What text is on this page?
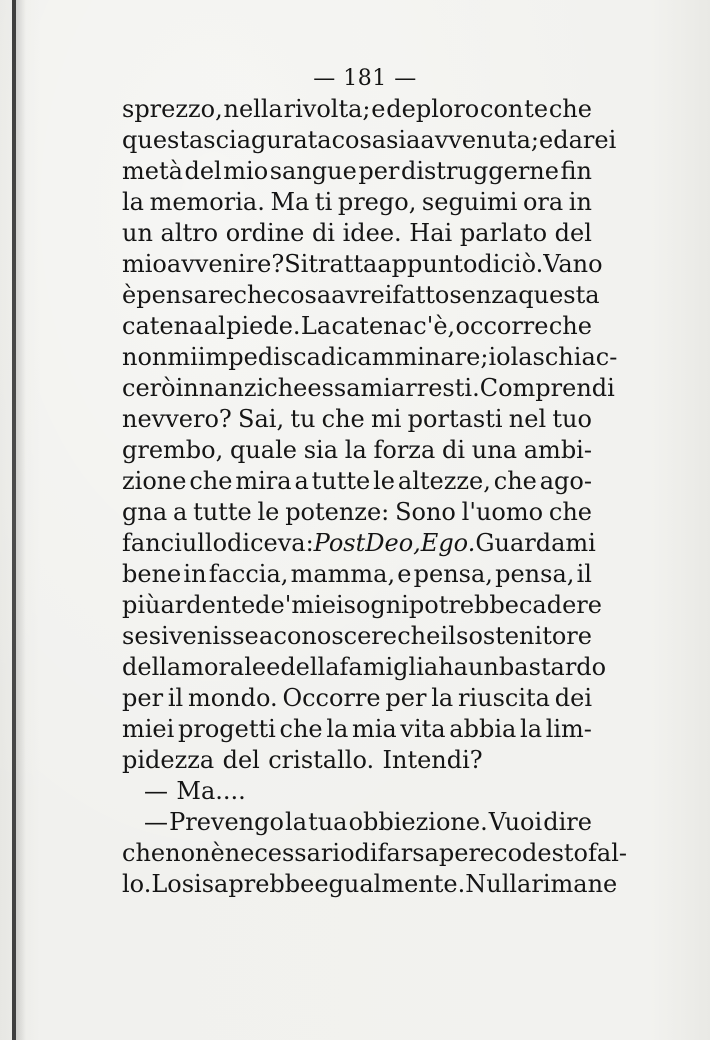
— 181 —
sprezzo, nella rivolta; e deploro con te che
questa sciagurata cosa sia avvenuta; e darei
metà del mio sangue per distruggerne fin
la memoria. Ma ti prego, seguimi ora in
un altro ordine di idee. Hai parlato del
mio avvenire? Si tratta appunto di ciò. Vano
è pensare che cosa avrei fatto senza questa
catena al piede. La catena c'è, occorre che
non mi impedisca di camminare; io la schiac-
cerò innanzi che essa mi arresti. Comprendi
nevvero? Sai, tu che mi portasti nel tuo
grembo, quale sia la forza di una ambi-
zione che mira a tutte le altezze, che ago-
gna a tutte le potenze: Sono l'uomo che
fanciullo diceva: Post Deo, Ego. Guardami
bene in faccia, mamma, e pensa, pensa, il
più ardente de' miei sogni potrebbe cadere
se si venisse a conoscere che il sostenitore
della morale e della famiglia ha un bastardo
per il mondo. Occorre per la riuscita dei
miei progetti che la mia vita abbia la lim-
pidezza del cristallo. Intendi?
— Ma....
— Prevengo la tua obbiezione. Vuoi dire
che non è necessario di far sapere codesto fal-
lo. Lo si saprebbe egualmente. Nulla rimane
